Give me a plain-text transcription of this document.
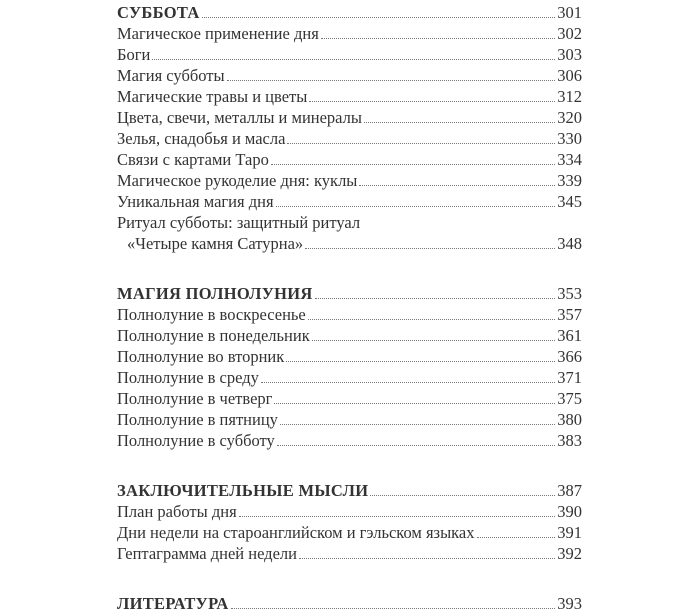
СУББОТА	301
Магическое применение дня	302
Боги	303
Магия субботы	306
Магические травы и цветы	312
Цвета, свечи, металлы и минералы	320
Зелья, снадобья и масла	330
Связи с картами Таро	334
Магическое рукоделие дня: куклы	339
Уникальная магия дня	345
Ритуал субботы: защитный ритуал
«Четыре камня Сатурна»	348
МАГИЯ ПОЛНОЛУНИЯ	353
Полнолуние в воскресенье	357
Полнолуние в понедельник	361
Полнолуние во вторник	366
Полнолуние в среду	371
Полнолуние в четверг	375
Полнолуние в пятницу	380
Полнолуние в субботу	383
ЗАКЛЮЧИТЕЛЬНЫЕ МЫСЛИ	387
План работы дня	390
Дни недели на староанглийском и гэльском языках	391
Гептаграмма дней недели	392
ЛИТЕРАТУРА	393
